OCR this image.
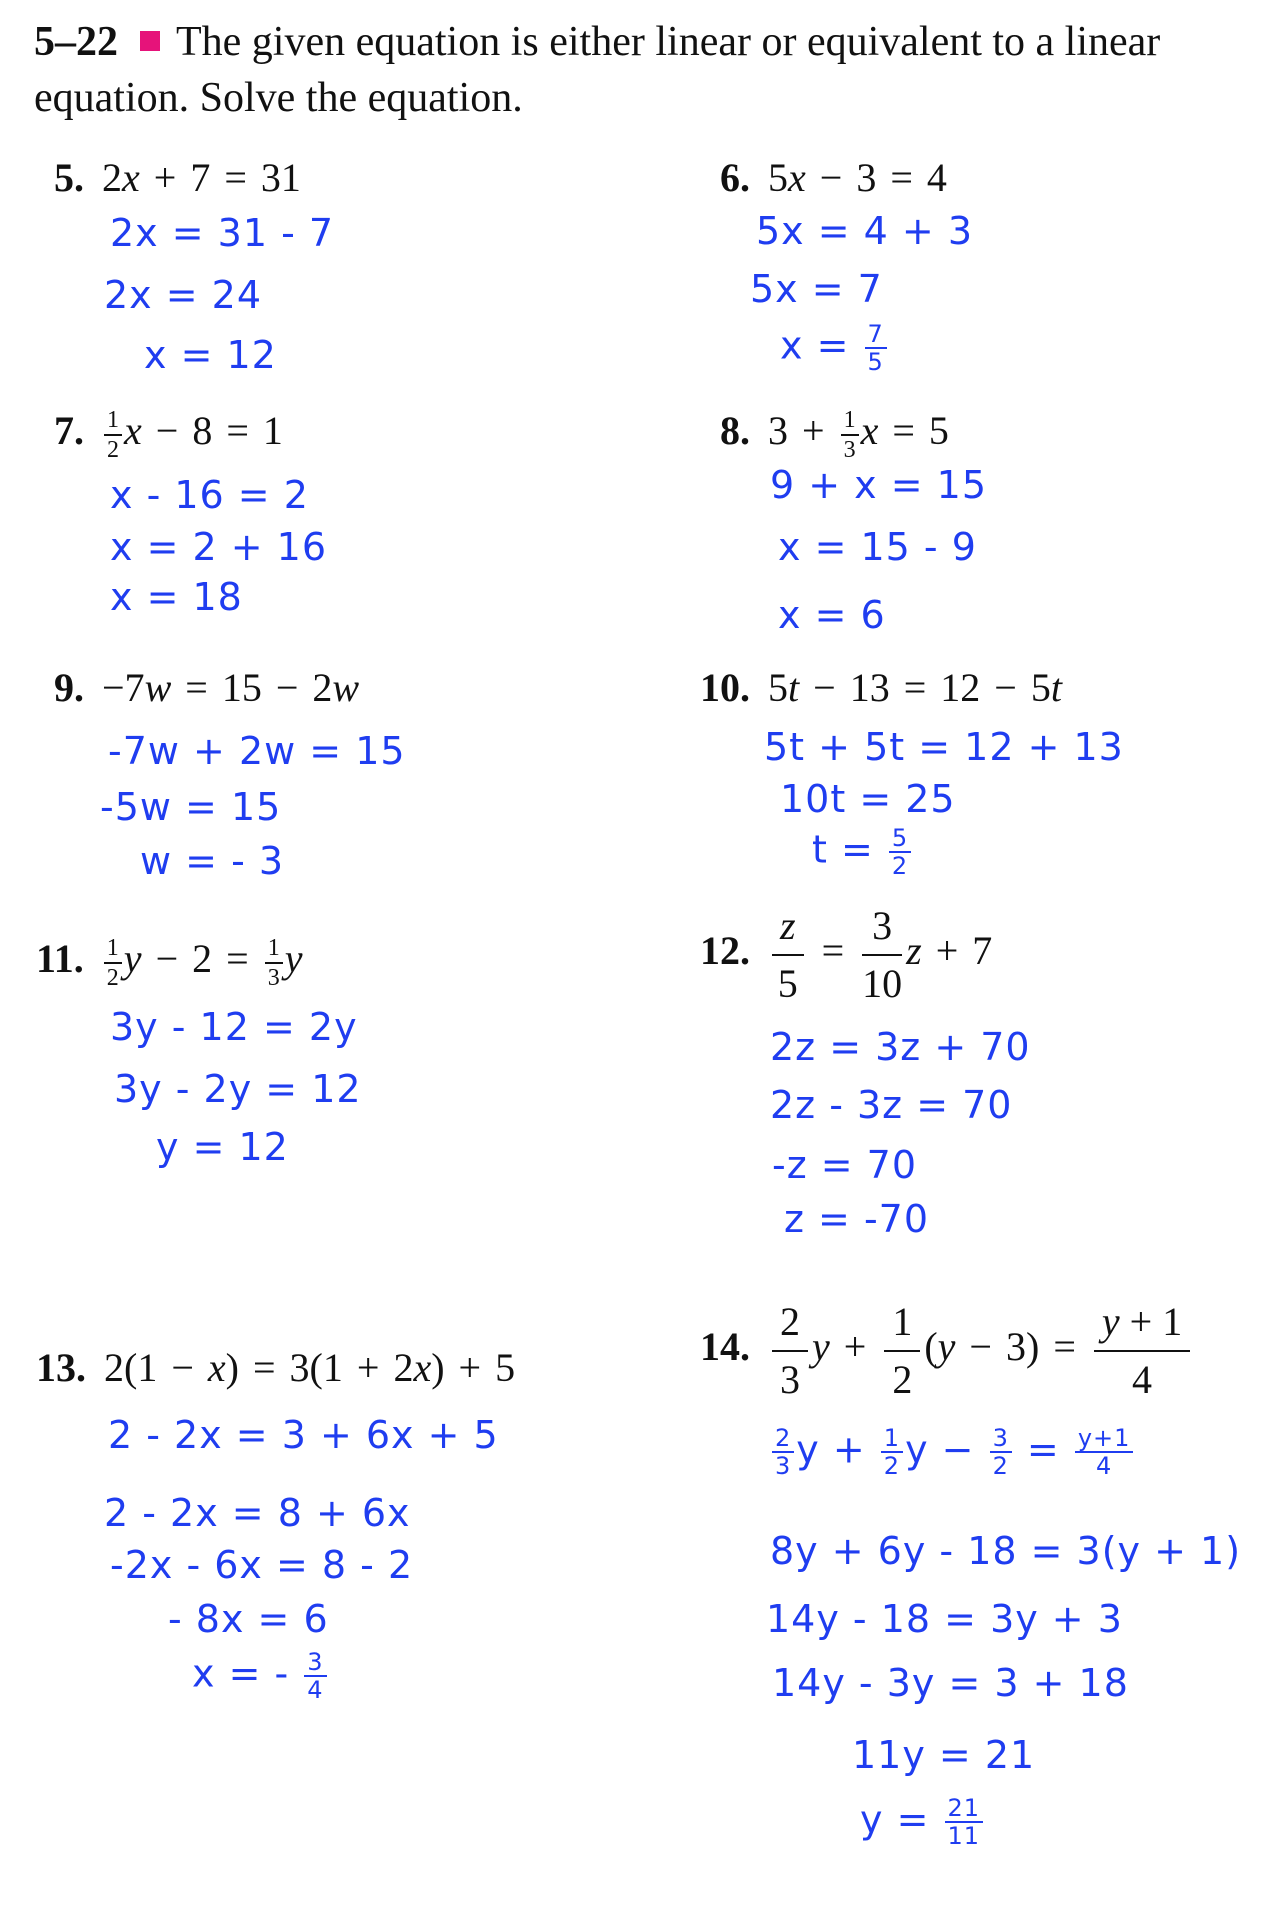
5–22 The given equation is either linear or equivalent to a linear equation. Solve the equation.
5. 2x + 7 = 31
2x = 31 - 7
2x = 24
x = 12
6. 5x − 3 = 4
5x = 4 + 3
5x = 7
$x = \frac{7}{5}$
7. $\frac{1}{2}$ x − 8 = 1
x - 16 = 2
x = 2 + 16
x = 18
8. $3 + \frac{1}{3}$ x = 5
9 + x = 15
x = 15 - 9
x = 6
9. −7w = 15 − 2w
-7w + 2w = 15
-5w = 15
w = - 3
10. 5t − 13 = 12 − 5t
5t + 5t = 12 + 13
10t = 25
$t = \frac{5}{2}$
11. $\frac{1}{2}$ $y - 2 = \frac{1}{3}$ y
3y - 12 = 2y
3y - 2y = 12
y = 12
12. $\frac{z}{5} = \frac{3}{10}$ z + 7
2z = 3z + 70
2z - 3z = 70
-z = 70
z = -70
13. 2(1 − x) = 3(1 + 2x) + 5
2 - 2x = 3 + 6x + 5
2 - 2x = 8 + 6x
-2x - 6x = 8 - 2
- 8x = 6
x = - $\frac{3}{4}$
14. $\frac{2}{3}$ $y + \frac{1}{2} (y - 3) = \frac{y + 1}{4}$
$\frac{2}{3}$ $y + \frac{1}{2}$ $y - \frac{3}{2} = \frac{y+1}{4}$
8y + 6y - 18 = 3(y + 1)
14y - 18 = 3y + 3
14y - 3y = 3 + 18
11y = 21
$y = \frac{21}{11}$
